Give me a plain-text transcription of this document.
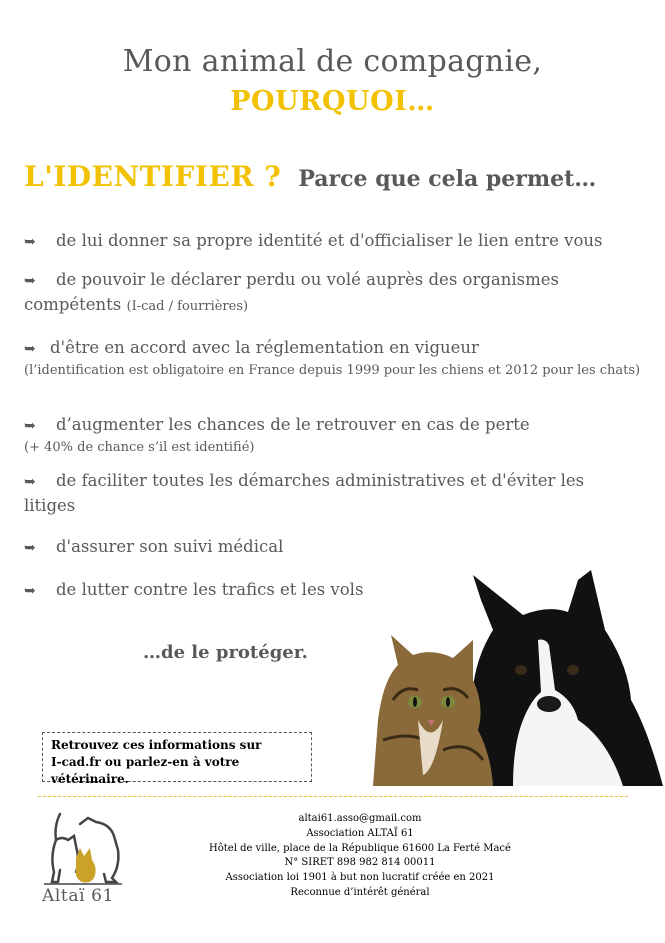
Mon animal de compagnie,
POURQUOI…
L'IDENTIFIER ? Parce que cela permet…
➥ de lui donner sa propre identité et d'officialiser le lien entre vous
➥ de pouvoir le déclarer perdu ou volé auprès des organismes
compétents (I-cad / fourrières)
➥ d'être en accord avec la réglementation en vigueur
(l’identification est obligatoire en France depuis 1999 pour les chiens et 2012 pour les chats)
➥ d’augmenter les chances de le retrouver en cas de perte
(+ 40% de chance s’il est identifié)
➥ de faciliter toutes les démarches administratives et d'éviter les
litiges
➥ d'assurer son suivi médical
➥ de lutter contre les trafics et les vols
…de le protéger.
Retrouvez ces informations sur
I-cad.fr ou parlez-en à votre vétérinaire.
Altaï 61
altai61.asso@gmail.com
Association ALTAÏ 61
Hôtel de ville, place de la République 61600 La Ferté Macé
N° SIRET 898 982 814 00011
Association loi 1901 à but non lucratif créée en 2021
Reconnue d’intérêt général
